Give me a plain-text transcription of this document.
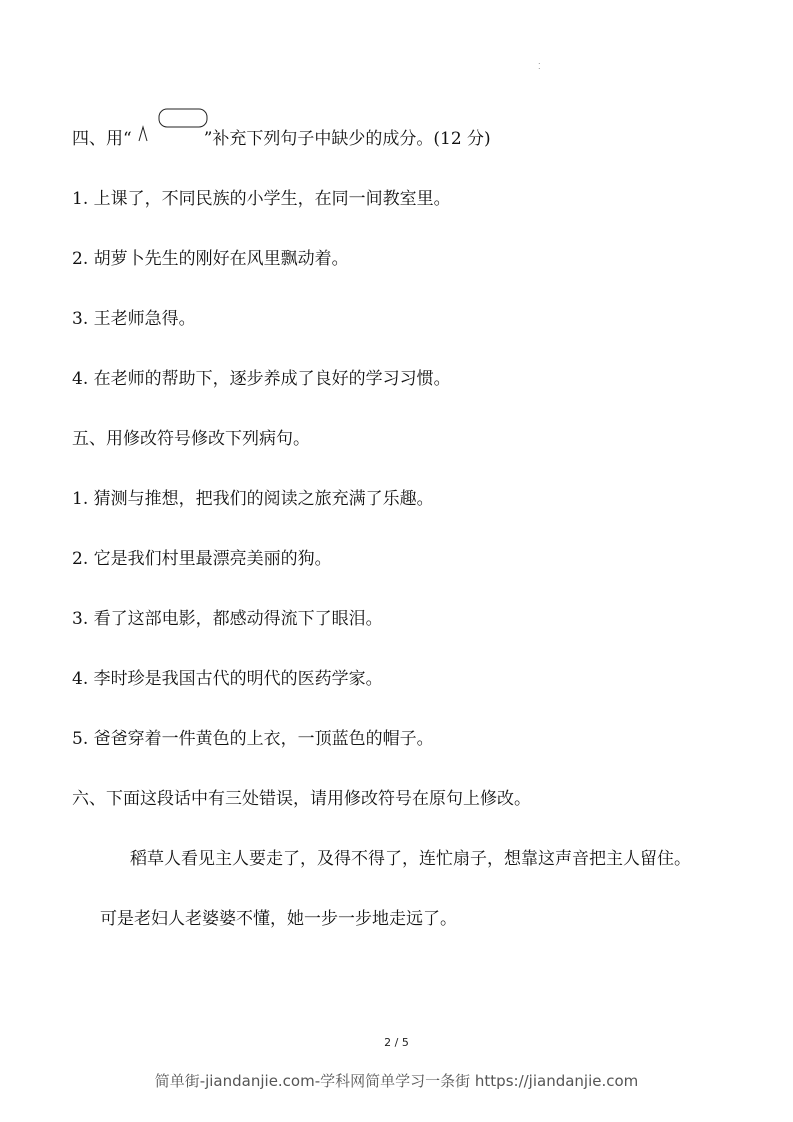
⁚
四、用“	”补充下列句子中缺少的成分。(12 分)
1. 上课了，不同民族的小学生，在同一间教室里。
2. 胡萝卜先生的刚好在风里飘动着。
3. 王老师急得。
4. 在老师的帮助下，逐步养成了良好的学习习惯。
五、用修改符号修改下列病句。
1. 猜测与推想，把我们的阅读之旅充满了乐趣。
2. 它是我们村里最漂亮美丽的狗。
3. 看了这部电影，都感动得流下了眼泪。
4. 李时珍是我国古代的明代的医药学家。
5. 爸爸穿着一件黄色的上衣，一顶蓝色的帽子。
六、下面这段话中有三处错误，请用修改符号在原句上修改。
稻草人看见主人要走了，及得不得了，连忙扇子，想靠这声音把主人留住。
可是老妇人老婆婆不懂，她一步一步地走远了。
2 / 5
简单街-jiandanjie.com-学科网简单学习一条街 https://jiandanjie.com
